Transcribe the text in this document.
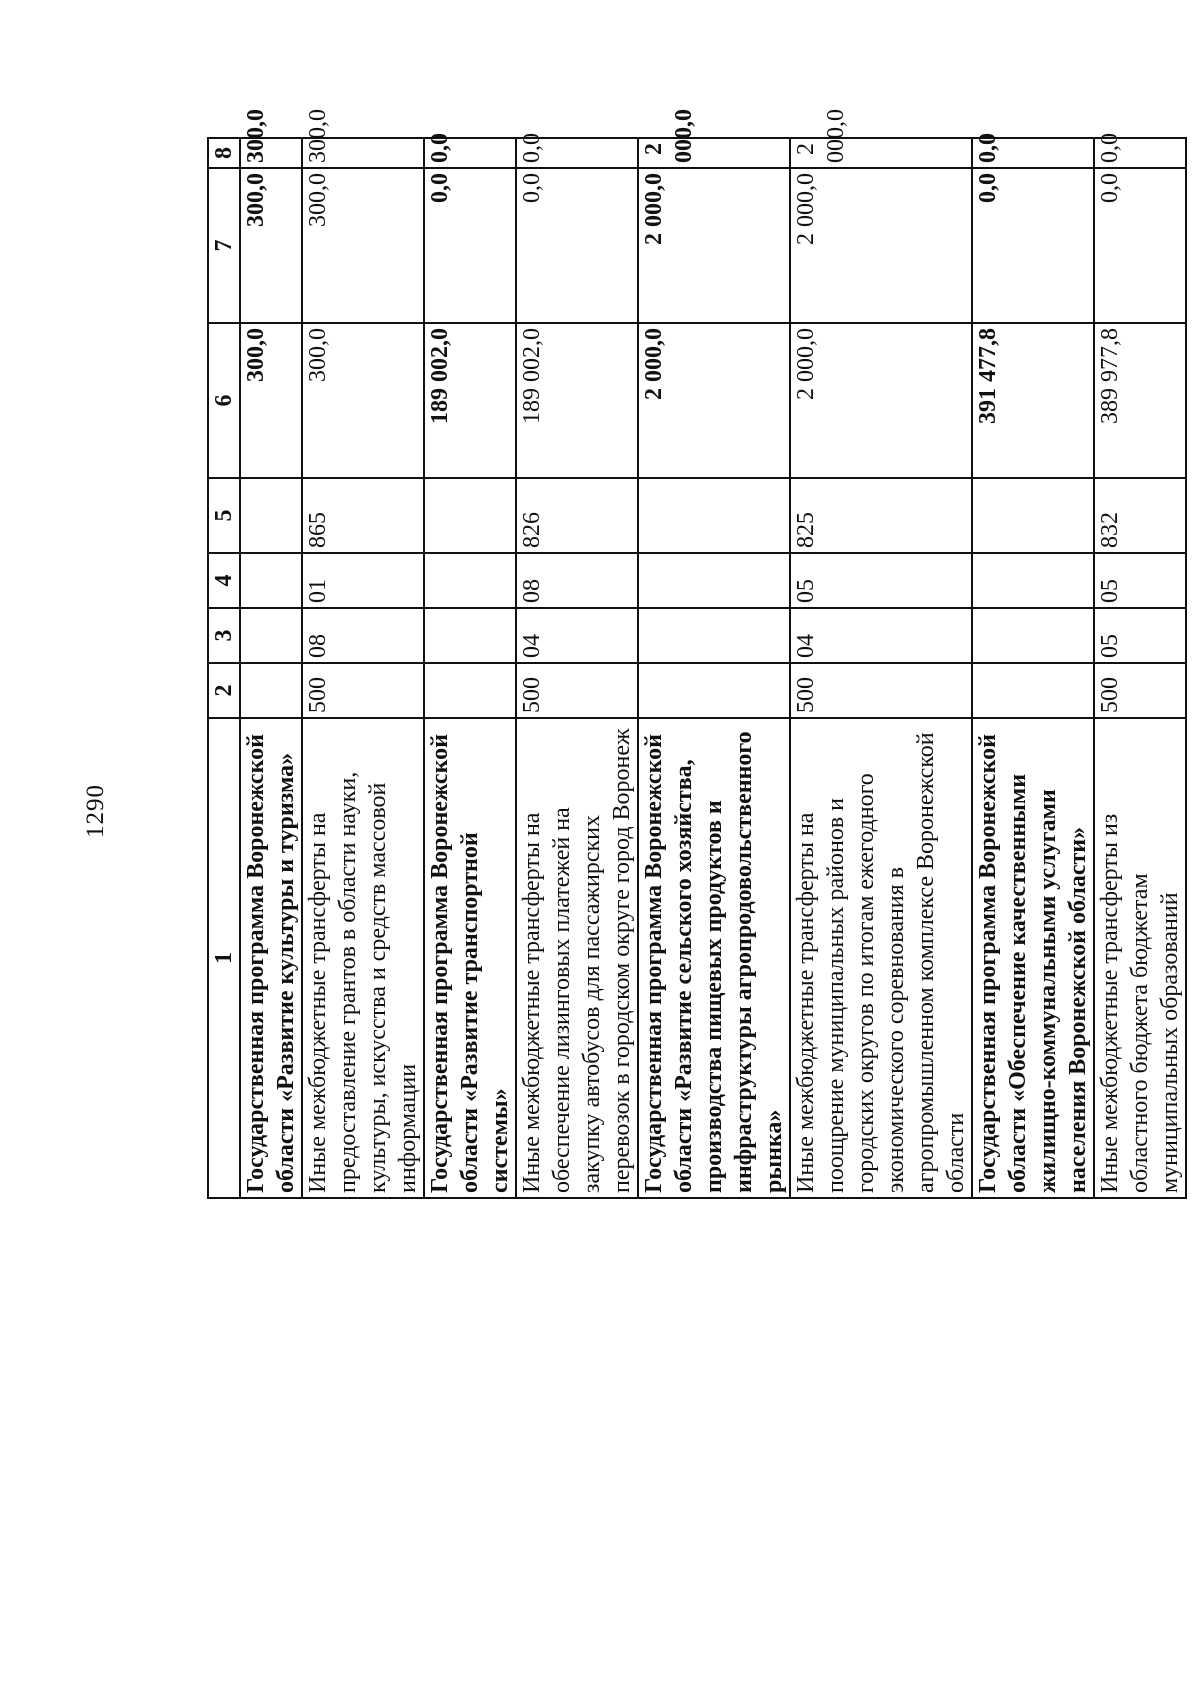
1290
1	2	3	4	5	6	7	8
Государственная программа Воронежской области «Развитие культуры и туризма»					300,0	300,0	300,0
Иные межбюджетные трансферты на предоставление грантов в области науки, культуры, искусства и средств массовой информации	500	08	01	865	300,0	300,0	300,0
Государственная программа Воронежской области «Развитие транспортной системы»					189 002,0	0,0	0,0
Иные межбюджетные трансферты на обеспечение лизинговых платежей на закупку автобусов для пассажирских перевозок в городском округе город Воронеж	500	04	08	826	189 002,0	0,0	0,0
Государственная программа Воронежской области «Развитие сельского хозяйства, производства пищевых продуктов и инфраструктуры агропродовольственного рынка»					2 000,0	2 000,0	2 000,0
Иные межбюджетные трансферты на поощрение муниципальных районов и городских округов по итогам ежегодного экономического соревнования в агропромышленном комплексе Воронежской области	500	04	05	825	2 000,0	2 000,0	2 000,0
Государственная программа Воронежской области «Обеспечение качественными жилищно-коммунальными услугами населения Воронежской области»					391 477,8	0,0	0,0
Иные межбюджетные трансферты из областного бюджета бюджетам муниципальных образований	500	05	05	832	389 977,8	0,0	0,0
